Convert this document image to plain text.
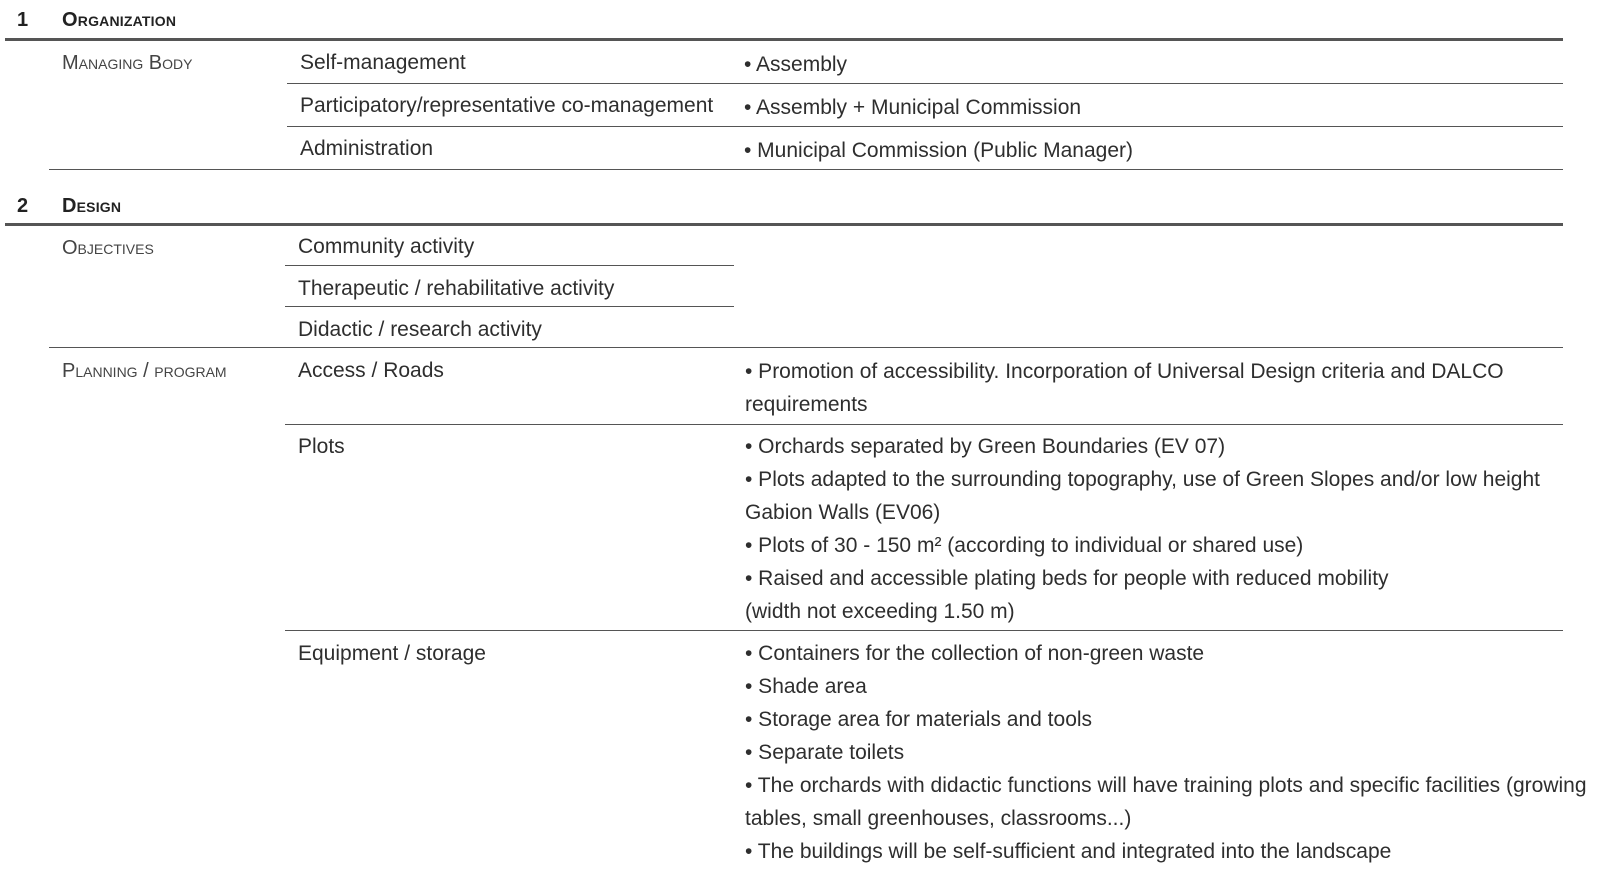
1 Organization
Managing Body	Self-management	• Assembly
Participatory/representative co-management • Assembly + Municipal Commission
Administration	• Municipal Commission (Public Manager)
2 Design
Objectives	Community activity
Therapeutic / rehabilitative activity
Didactic / research activity
Planning / program	Access / Roads	• Promotion of accessibility. Incorporation of Universal Design criteria and DALCO
requirements
Plots	• Orchards separated by Green Boundaries (EV 07)
• Plots adapted to the surrounding topography, use of Green Slopes and/or low height
Gabion Walls (EV06)
• Plots of 30 - 150 m² (according to individual or shared use)
• Raised and accessible plating beds for people with reduced mobility
(width not exceeding 1.50 m)
Equipment / storage	• Containers for the collection of non-green waste
• Shade area
• Storage area for materials and tools
• Separate toilets
• The orchards with didactic functions will have training plots and specific facilities (growing
tables, small greenhouses, classrooms...)
• The buildings will be self-sufficient and integrated into the landscape
